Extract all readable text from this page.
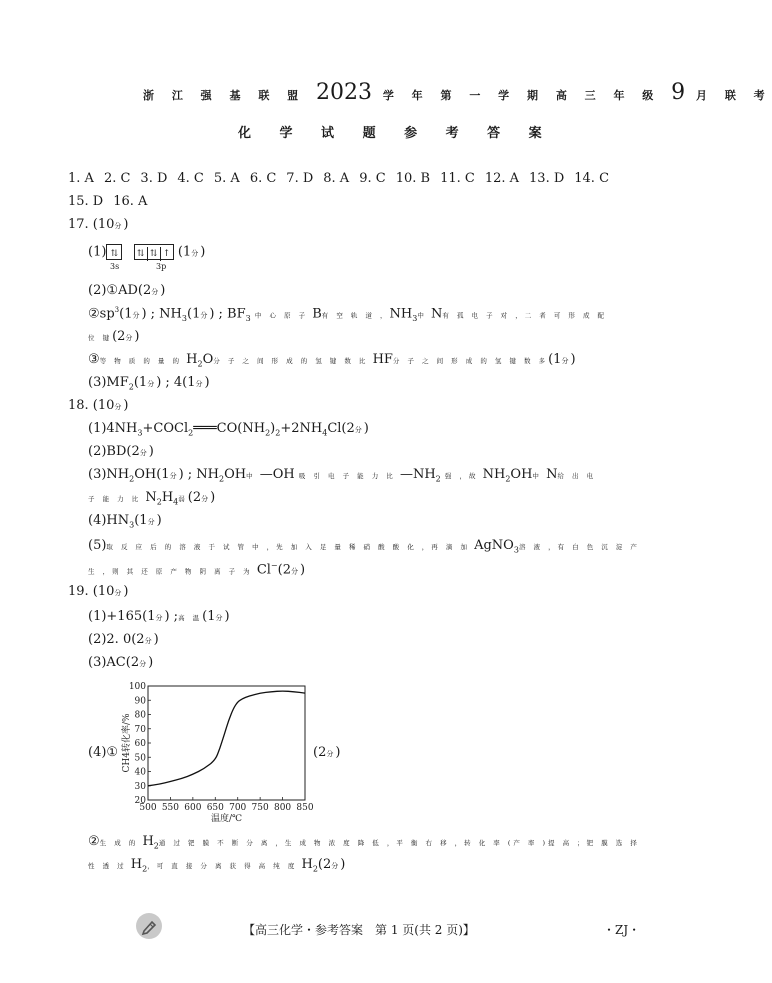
浙 江 强 基 联 盟 2023 学 年 第 一 学 期 高 三 年 级 9 月 联 考
化 学 试 题 参 考 答 案
1. A 2. C 3. D 4. C 5. A 6. C 7. D 8. A 9. C 10. B 11. C 12. A 13. D 14. C
15. D 16. A
17. (10分)
(1) ⇅ ⇅ ⇅ ↑ (1分)
3s	3p
(2)①AD(2分)
$②sp^3(1$分) ; $NH_3(1$分) ; $BF_3$ 中 心 原 子 B有 空 轨 道 ，$NH_3$中 N有 孤 电 子 对 ，二 者 可 形 成 配
位 键(2分)
③等 物 质 的 量 的 $H_2O$分 子 之 间 形 成 的 氢 键 数 比 HF分 子 之 间 形 成 的 氢 键 数 多(1分)
$(3)MF_2(1$分) ; 4(1分)
18. (10分)
$(1)4NH_3+COCl_2═══CO(NH_2)_2+2NH_4Cl(2$分)
(2)BD(2分)
$(3)NH_2OH(1$分) ; $NH_2OH$中 —OH 吸 引 电 子 能 力 比 $—NH_2$ 强 ，故 $NH_2OH$中 N给 出 电
子 能 力 比 $N_2H_4$弱(2分)
$(4)HN_3(1$分)
(5)取 反 应 后 的 溶 液 于 试 管 中 ，先 加 入 足 量 稀 硝 酸 酸 化 ，再 滴 加 AgNO$_3$溶 液 ，有 白 色 沉 淀 产
生 ，则 其 还 原 产 物 阴 离 子 为 Cl−(2分)
19. (10分)
(1)+165(1分) ;高 温(1分)
(2)2. 0(2分)
(3)AC(2分)
(4)①	(2分)
100
90
80
70
60
50
40
30
20
500 550 600 650 700 750 800 850
温度/℃
CH4转化率/%
②生 成 的 $H_2$通 过 钯 膜 不 断 分 离 ，生 成 物 浓 度 降 低 ，平 衡 右 移 ，转 化 率 (产 率 )提 高 ；钯 膜 选 择
性 透 过 $H_2$，可 直 接 分 离 获 得 高 纯 度 $H_2(2$分)
【高三化学・参考答案　第 1 页(共 2 页)】	・ZJ・
